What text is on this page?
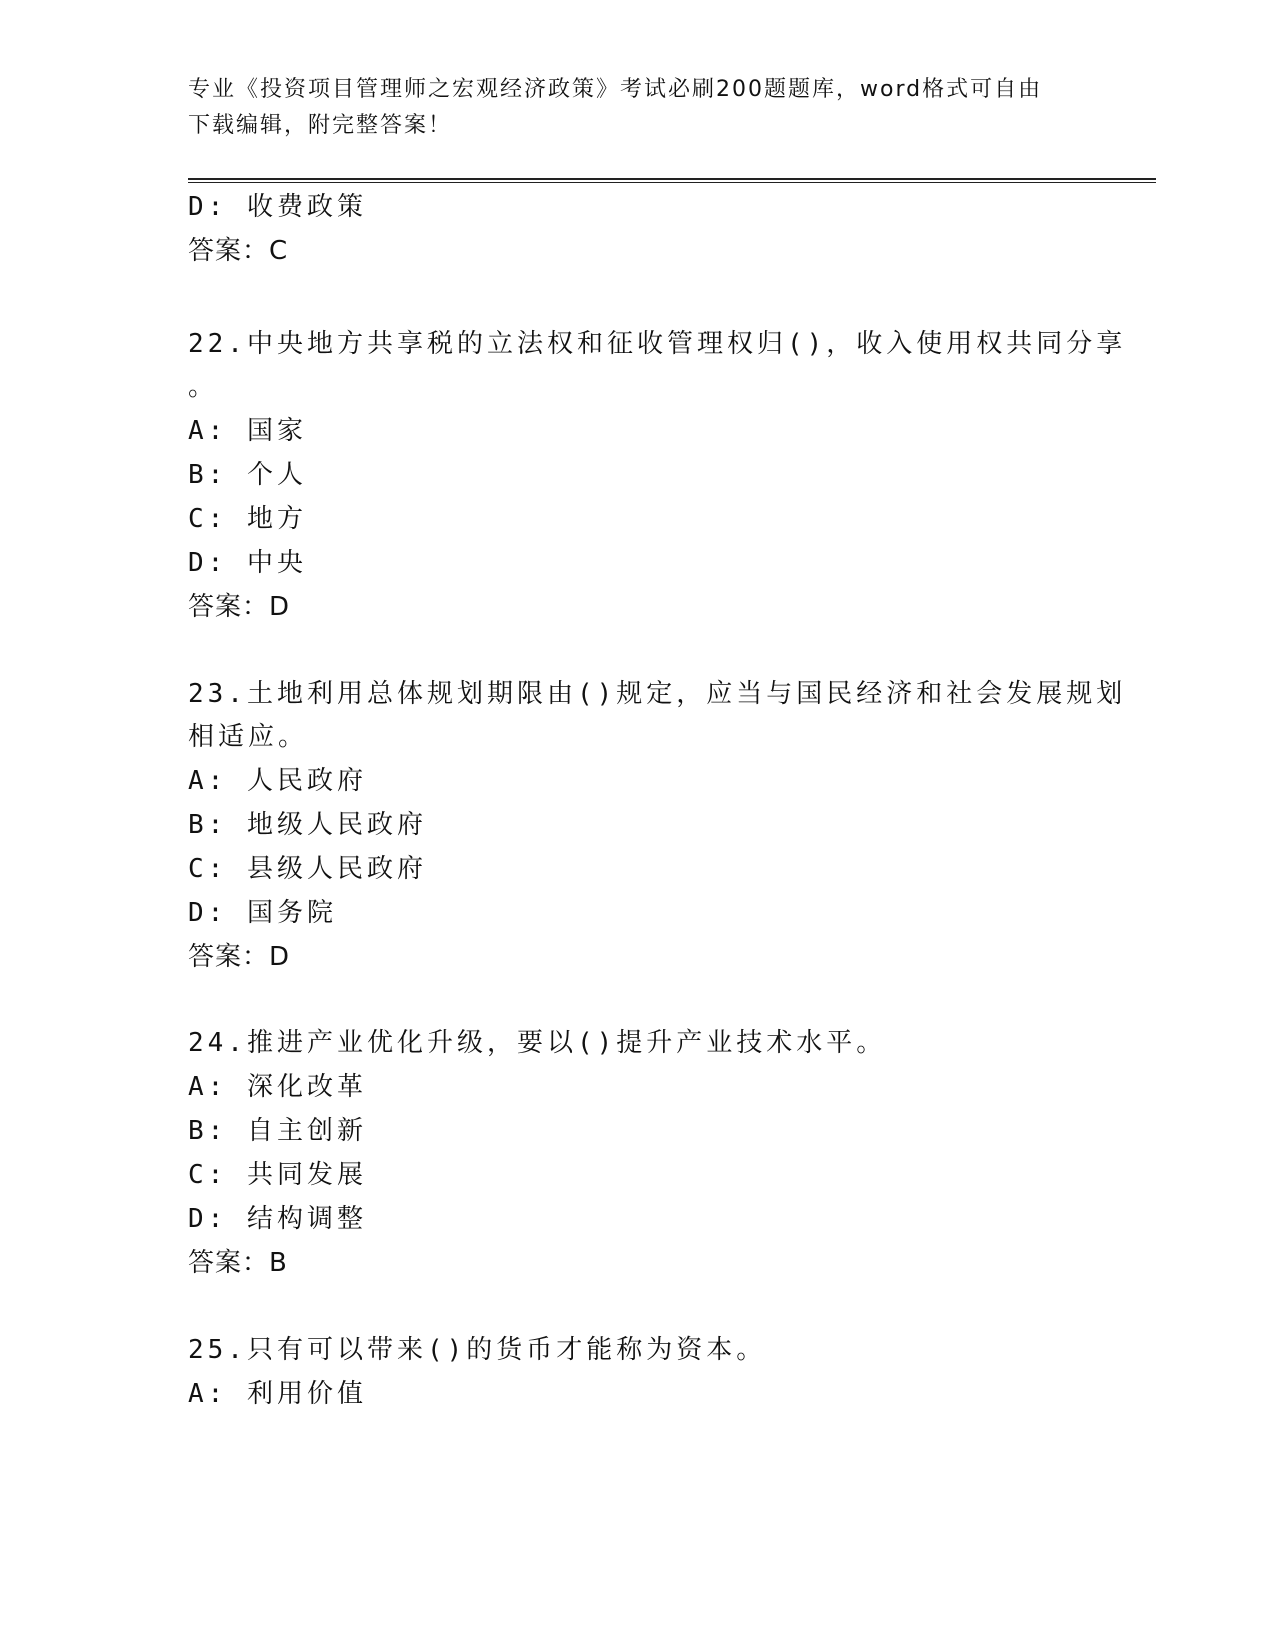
专业《投资项目管理师之宏观经济政策》考试必刷200题题库，word格式可自由
下载编辑，附完整答案！
D: 收费政策
答案：C
22.中央地方共享税的立法权和征收管理权归()，收入使用权共同分享
。
A: 国家
B: 个人
C: 地方
D: 中央
答案：D
23.土地利用总体规划期限由()规定，应当与国民经济和社会发展规划
相适应。
A: 人民政府
B: 地级人民政府
C: 县级人民政府
D: 国务院
答案：D
24.推进产业优化升级，要以()提升产业技术水平。
A: 深化改革
B: 自主创新
C: 共同发展
D: 结构调整
答案：B
25.只有可以带来()的货币才能称为资本。
A: 利用价值
